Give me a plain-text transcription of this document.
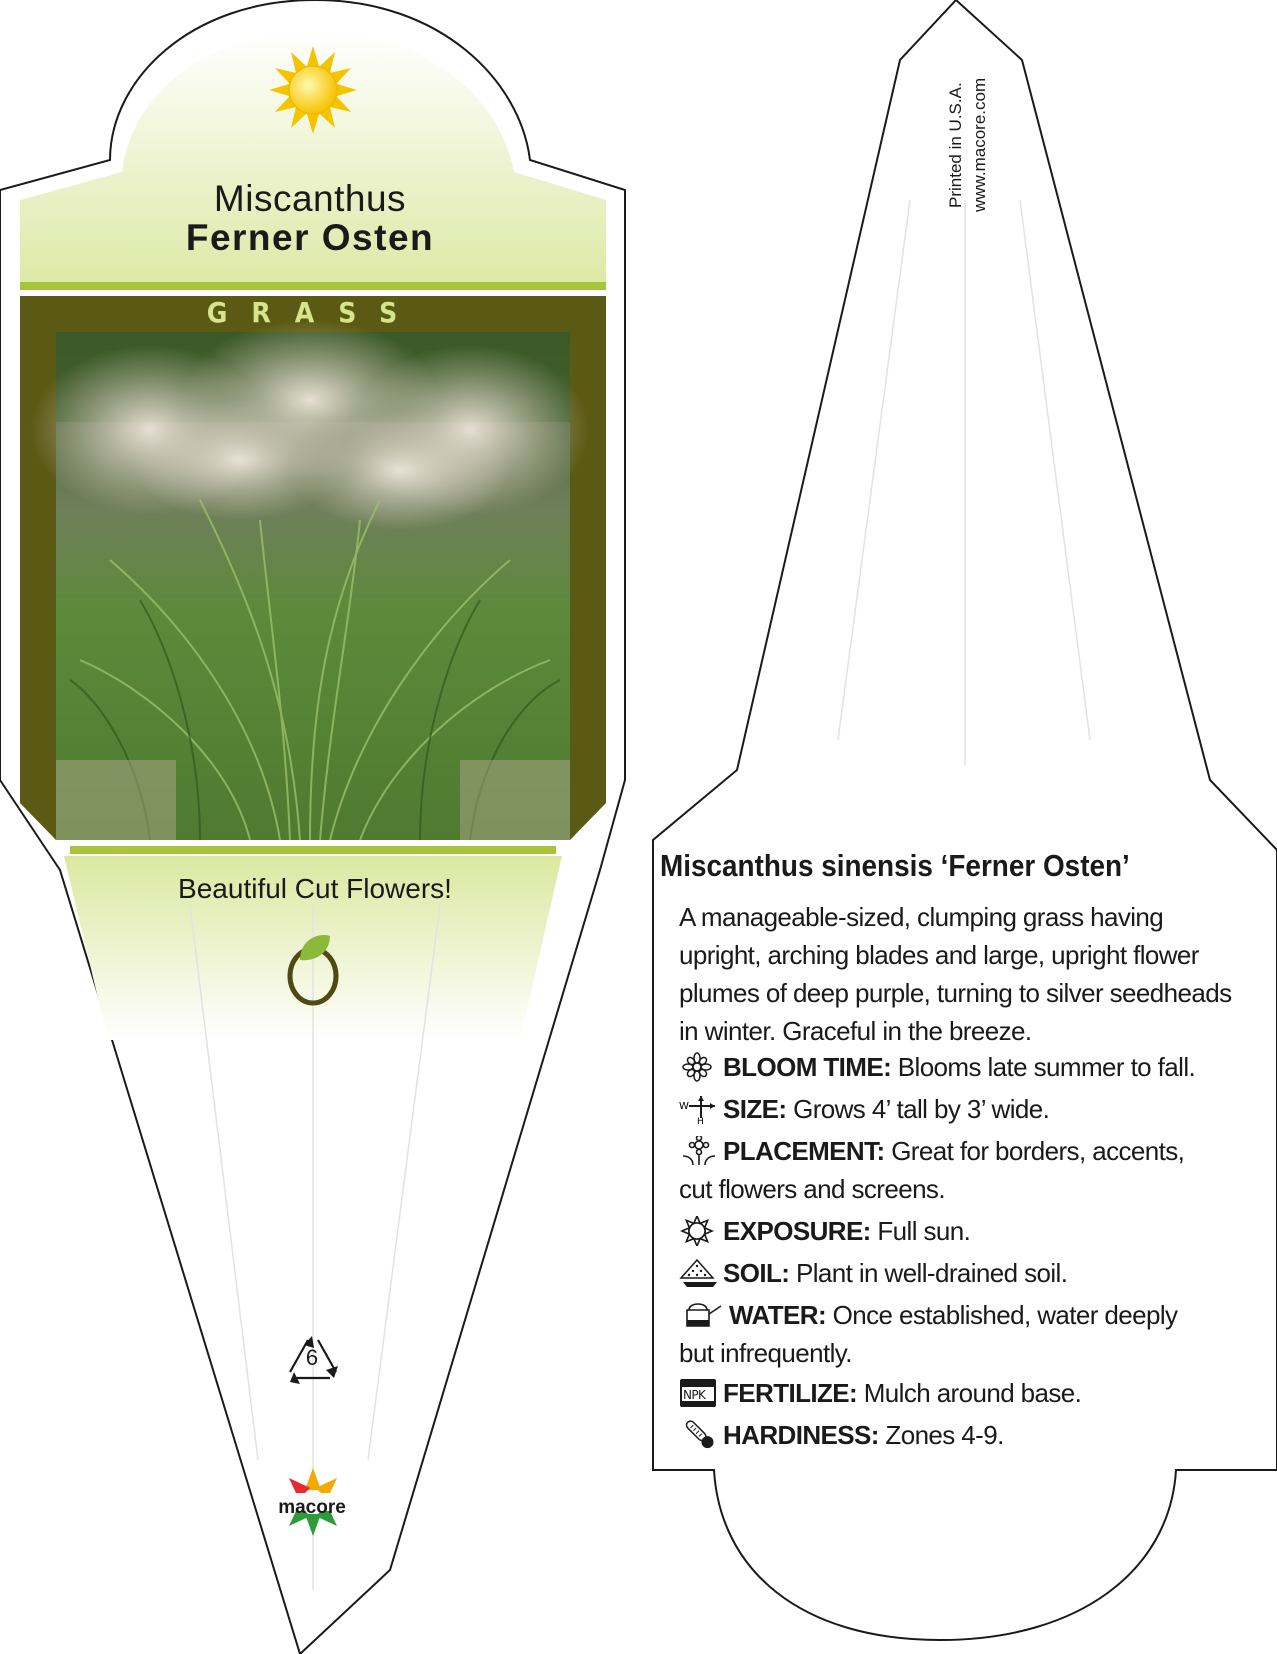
Miscanthus
Ferner Osten
GRASS
Beautiful Cut Flowers!
6
macore
Printed in U.S.A. www.macore.com
Miscanthus sinensis ‘Ferner Osten’
A manageable-sized, clumping grass having upright, arching blades and large, upright flower plumes of deep purple, turning to silver seedheads in winter. Graceful in the breeze.
BLOOM TIME: Blooms late summer to fall.
W
H SIZE: Grows 4’ tall by 3’ wide.
PLACEMENT: Great for borders, accents, cut flowers and screens.
EXPOSURE: Full sun.
SOIL: Plant in well-drained soil.
WATER: Once established, water deeply but infrequently.
NPK FERTILIZE: Mulch around base.
HARDINESS: Zones 4-9.
